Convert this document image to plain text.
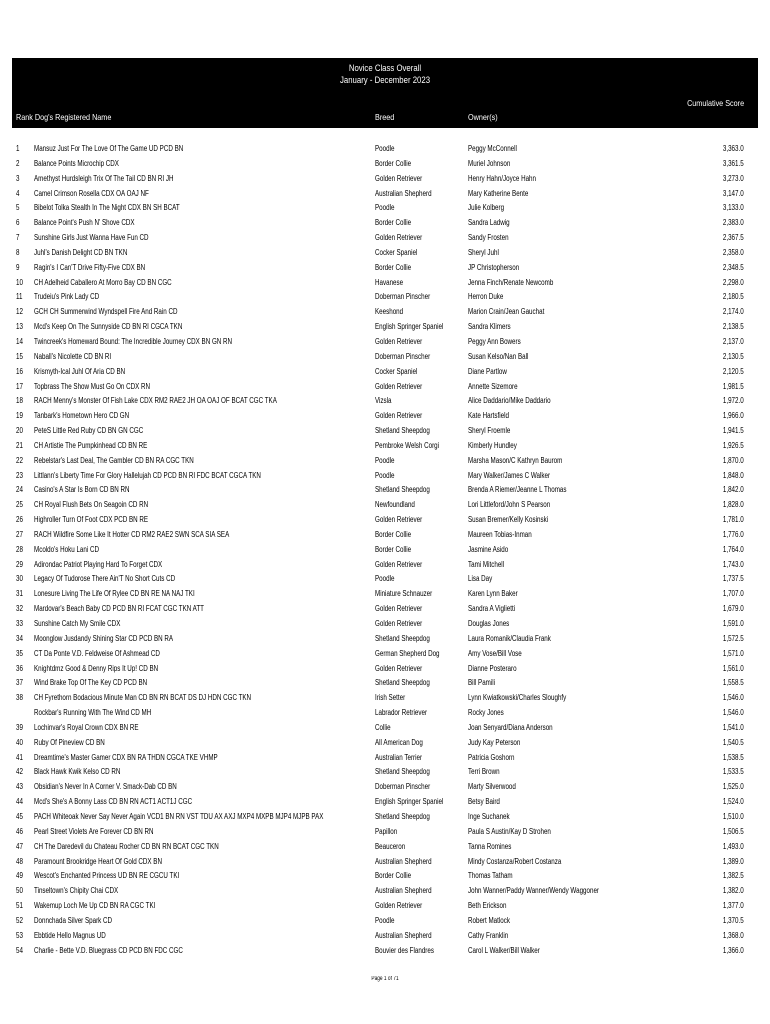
Novice Class Overall
January - December 2023
Cumulative Score
Rank Dog's Registered Name	Breed	Owner(s)
1 Mansuz Just For The Love Of The Game UD PCD BN	Poodle	Peggy McConnell	3,363.0
2 Balance Points Microchip CDX	Border Collie	Muriel Johnson	3,361.5
3 Amethyst Hurdsleigh Trix Of The Tail CD BN RI JH	Golden Retriever	Henry Hahn/Joyce Hahn	3,273.0
4 Camel Crimson Rosella CDX OA OAJ NF	Australian Shepherd	Mary Katherine Bente	3,147.0
5 Bibelot Tolka Stealth In The Night CDX BN SH BCAT	Poodle	Julie Kolberg	3,133.0
6 Balance Point's Push N' Shove CDX	Border Collie	Sandra Ladwig	2,383.0
7 Sunshine Girls Just Wanna Have Fun CD	Golden Retriever	Sandy Frosten	2,367.5
8 Juhl's Danish Delight CD BN TKN	Cocker Spaniel	Sheryl Juhl	2,358.0
9 Ragin's I Can'T Drive Fifty-Five CDX BN	Border Collie	JP Christopherson	2,348.5
10 CH Adelheid Caballero At Morro Bay CD BN CGC	Havanese	Jenna Finch/Renate Newcomb	2,298.0
11 Trudeiu's Pink Lady CD	Doberman Pinscher	Herron Duke	2,180.5
12 GCH CH Summerwind Wyndspell Fire And Rain CD	Keeshond	Marion Crain/Jean Gauchat	2,174.0
13 Mcd's Keep On The Sunnyside CD BN RI CGCA TKN	English Springer Spaniel	Sandra Klimers	2,138.5
14 Twincreek's Homeward Bound: The Incredible Journey CDX BN GN RN	Golden Retriever	Peggy Ann Bowers	2,137.0
15 Naball's Nicolette CD BN RI	Doberman Pinscher	Susan Kelso/Nan Ball	2,130.5
16 Krismyth-Ical Juhl Of Aria CD BN	Cocker Spaniel	Diane Partlow	2,120.5
17 Topbrass The Show Must Go On CDX RN	Golden Retriever	Annette Sizemore	1,981.5
18 RACH Menny's Monster Of Fish Lake CDX RM2 RAE2 JH OA OAJ OF BCAT CGC TKA	Vizsla	Alice Daddario/Mike Daddario	1,972.0
19 Tanbark's Hometown Hero CD GN	Golden Retriever	Kate Hartsfield	1,966.0
20 PeteS Little Red Ruby CD BN GN CGC	Shetland Sheepdog	Sheryl Froemle	1,941.5
21 CH Artistie The Pumpkinhead CD BN RE	Pembroke Welsh Corgi	Kimberly Hundley	1,926.5
22 Rebelstar's Last Deal, The Gambler CD BN RA CGC TKN	Poodle	Marsha Mason/C Kathryn Baurom	1,870.0
23 Littlann's Liberty Time For Glory Hallelujah CD PCD BN RI FDC BCAT CGCA TKN	Poodle	Mary Walker/James C Walker	1,848.0
24 Casino's A Star Is Born CD BN RN	Shetland Sheepdog	Brenda A Riemer/Jeanne L Thomas	1,842.0
25 CH Royal Flush Bets On Seagoin CD RN	Newfoundland	Lori Littleford/John S Pearson	1,828.0
26 Highroller Turn Of Foot CDX PCD BN RE	Golden Retriever	Susan Bremer/Kelly Kosinski	1,781.0
27 RACH Wildfire Some Like It Hotter CD RM2 RAE2 SWN SCA SIA SEA	Border Collie	Maureen Tobias-Inman	1,776.0
28 Mcoldo's Hoku Lani CD	Border Collie	Jasmine Asido	1,764.0
29 Adirondac Patriot Playing Hard To Forget CDX	Golden Retriever	Tami Mitchell	1,743.0
30 Legacy Of Tudorose There Ain'T No Short Cuts CD	Poodle	Lisa Day	1,737.5
31 Lonesure Living The Life Of Rylee CD BN RE NA NAJ TKI	Miniature Schnauzer	Karen Lynn Baker	1,707.0
32 Mardovar's Beach Baby CD PCD BN RI FCAT CGC TKN ATT	Golden Retriever	Sandra A Viglietti	1,679.0
33 Sunshine Catch My Smile CDX	Golden Retriever	Douglas Jones	1,591.0
34 Moonglow Jusdandy Shining Star CD PCD BN RA	Shetland Sheepdog	Laura Romanik/Claudia Frank	1,572.5
35 CT Da Ponte V.D. Feldweise Of Ashmead CD	German Shepherd Dog	Amy Vose/Bill Vose	1,571.0
36 Knightdmz Good & Denny Rips It Up! CD BN	Golden Retriever	Dianne Posteraro	1,561.0
37 Wind Brake Top Of The Key CD PCD BN	Shetland Sheepdog	Bill Pamili	1,558.5
38 CH Fyrethorn Bodacious Minute Man CD BN RN BCAT DS DJ HDN CGC TKN	Irish Setter	Lynn Kwiatkowski/Charles Sloughfy	1,546.0
Rockbar's Running With The Wind CD MH	Labrador Retriever	Rocky Jones	1,546.0
39 Lochinvar's Royal Crown CDX BN RE	Collie	Joan Senyard/Diana Anderson	1,541.0
40 Ruby Of Pineview CD BN	All American Dog	Judy Kay Peterson	1,540.5
41 Dreamtime's Master Gamer CDX BN RA THDN CGCA TKE VHMP	Australian Terrier	Patricia Goshorn	1,538.5
42 Black Hawk Kwik Kelso CD RN	Shetland Sheepdog	Terri Brown	1,533.5
43 Obsidian's Never In A Corner V. Smack-Dab CD BN	Doberman Pinscher	Marty Silverwood	1,525.0
44 Mcd's She's A Bonny Lass CD BN RN ACT1 ACT1J CGC	English Springer Spaniel	Betsy Baird	1,524.0
45 PACH Whiteoak Never Say Never Again VCD1 BN RN VST TDU AX AXJ MXP4 MXPB MJP4 MJPB PAX	Shetland Sheepdog	Inge Suchanek	1,510.0
46 Pearl Street Violets Are Forever CD BN RN	Papillon	Paula S Austin/Kay D Strohen	1,506.5
47 CH The Daredevil du Chateau Rocher CD BN RN BCAT CGC TKN	Beauceron	Tanna Romines	1,493.0
48 Paramount Brookridge Heart Of Gold CDX BN	Australian Shepherd	Mindy Costanza/Robert Costanza	1,389.0
49 Wescot's Enchanted Princess UD BN RE CGCU TKI	Border Collie	Thomas Tatham	1,382.5
50 Tinseltown's Chipity Chai CDX	Australian Shepherd	John Wanner/Paddy Wanner/Wendy Waggoner	1,382.0
51 Wakemup Loch Me Up CD BN RA CGC TKI	Golden Retriever	Beth Erickson	1,377.0
52 Donnchada Silver Spark CD	Poodle	Robert Matlock	1,370.5
53 Ebbtide Hello Magnus UD	Australian Shepherd	Cathy Franklin	1,368.0
54 Charlie - Bette V.D. Bluegrass CD PCD BN FDC CGC	Bouvier des Flandres	Carol L Walker/Bill Walker	1,366.0
Page 1 of 71
